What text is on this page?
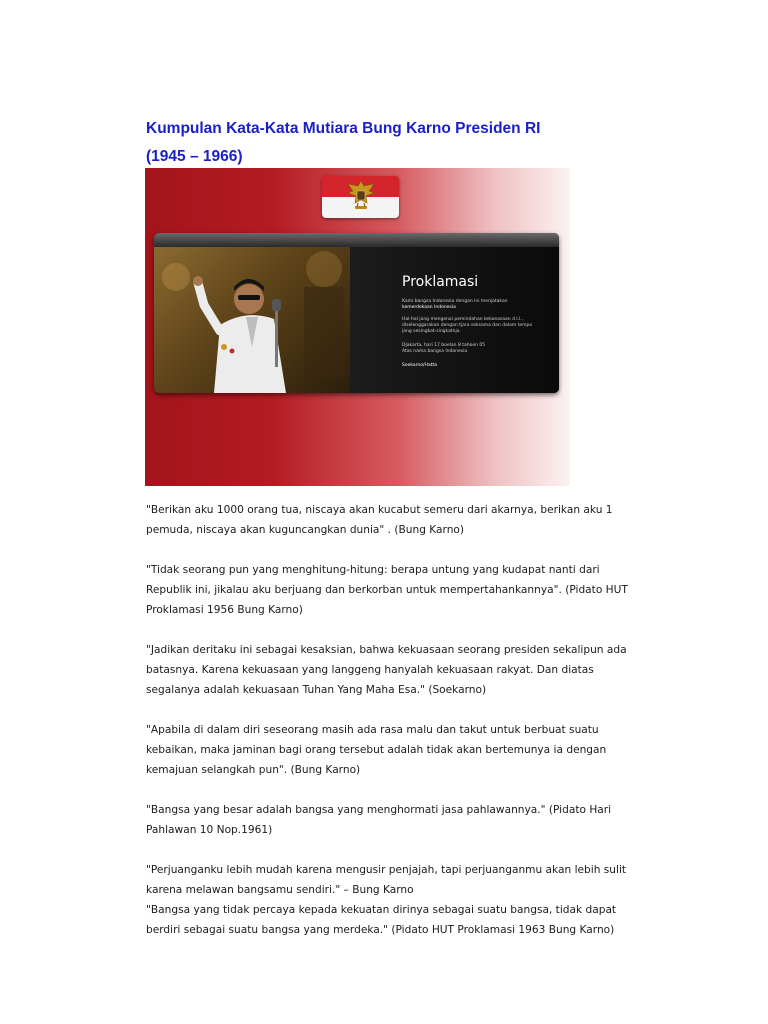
Kumpulan Kata-Kata Mutiara Bung Karno Presiden RI
(1945 – 1966)
Proklamasi
Kami bangsa Indonesia dengan ini menjatakan
kemerdekaan Indonesia
Hal-hal jang mengenai pemindahan kekoeasaan d.l.l.,
diselenggarakan dengan tjara seksama dan dalam tempo
jang sesingkat-singkatnja.
Djakarta, hari 17 boelan 8 tahoen 05
Atas nama bangsa Indonesia
Soekarno/Hatta

"Berikan aku 1000 orang tua, niscaya akan kucabut semeru dari akarnya, berikan aku 1
pemuda, niscaya akan kuguncangkan dunia" . (Bung Karno)

"Tidak seorang pun yang menghitung-hitung: berapa untung yang kudapat nanti dari
Republik ini, jikalau aku berjuang dan berkorban untuk mempertahankannya". (Pidato HUT
Proklamasi 1956 Bung Karno)

"Jadikan deritaku ini sebagai kesaksian, bahwa kekuasaan seorang presiden sekalipun ada
batasnya. Karena kekuasaan yang langgeng hanyalah kekuasaan rakyat. Dan diatas
segalanya adalah kekuasaan Tuhan Yang Maha Esa." (Soekarno)

"Apabila di dalam diri seseorang masih ada rasa malu dan takut untuk berbuat suatu
kebaikan, maka jaminan bagi orang tersebut adalah tidak akan bertemunya ia dengan
kemajuan selangkah pun". (Bung Karno)

"Bangsa yang besar adalah bangsa yang menghormati jasa pahlawannya." (Pidato Hari
Pahlawan 10 Nop.1961)

"Perjuanganku lebih mudah karena mengusir penjajah, tapi perjuanganmu akan lebih sulit
karena melawan bangsamu sendiri." – Bung Karno
"Bangsa yang tidak percaya kepada kekuatan dirinya sebagai suatu bangsa, tidak dapat
berdiri sebagai suatu bangsa yang merdeka." (Pidato HUT Proklamasi 1963 Bung Karno)
